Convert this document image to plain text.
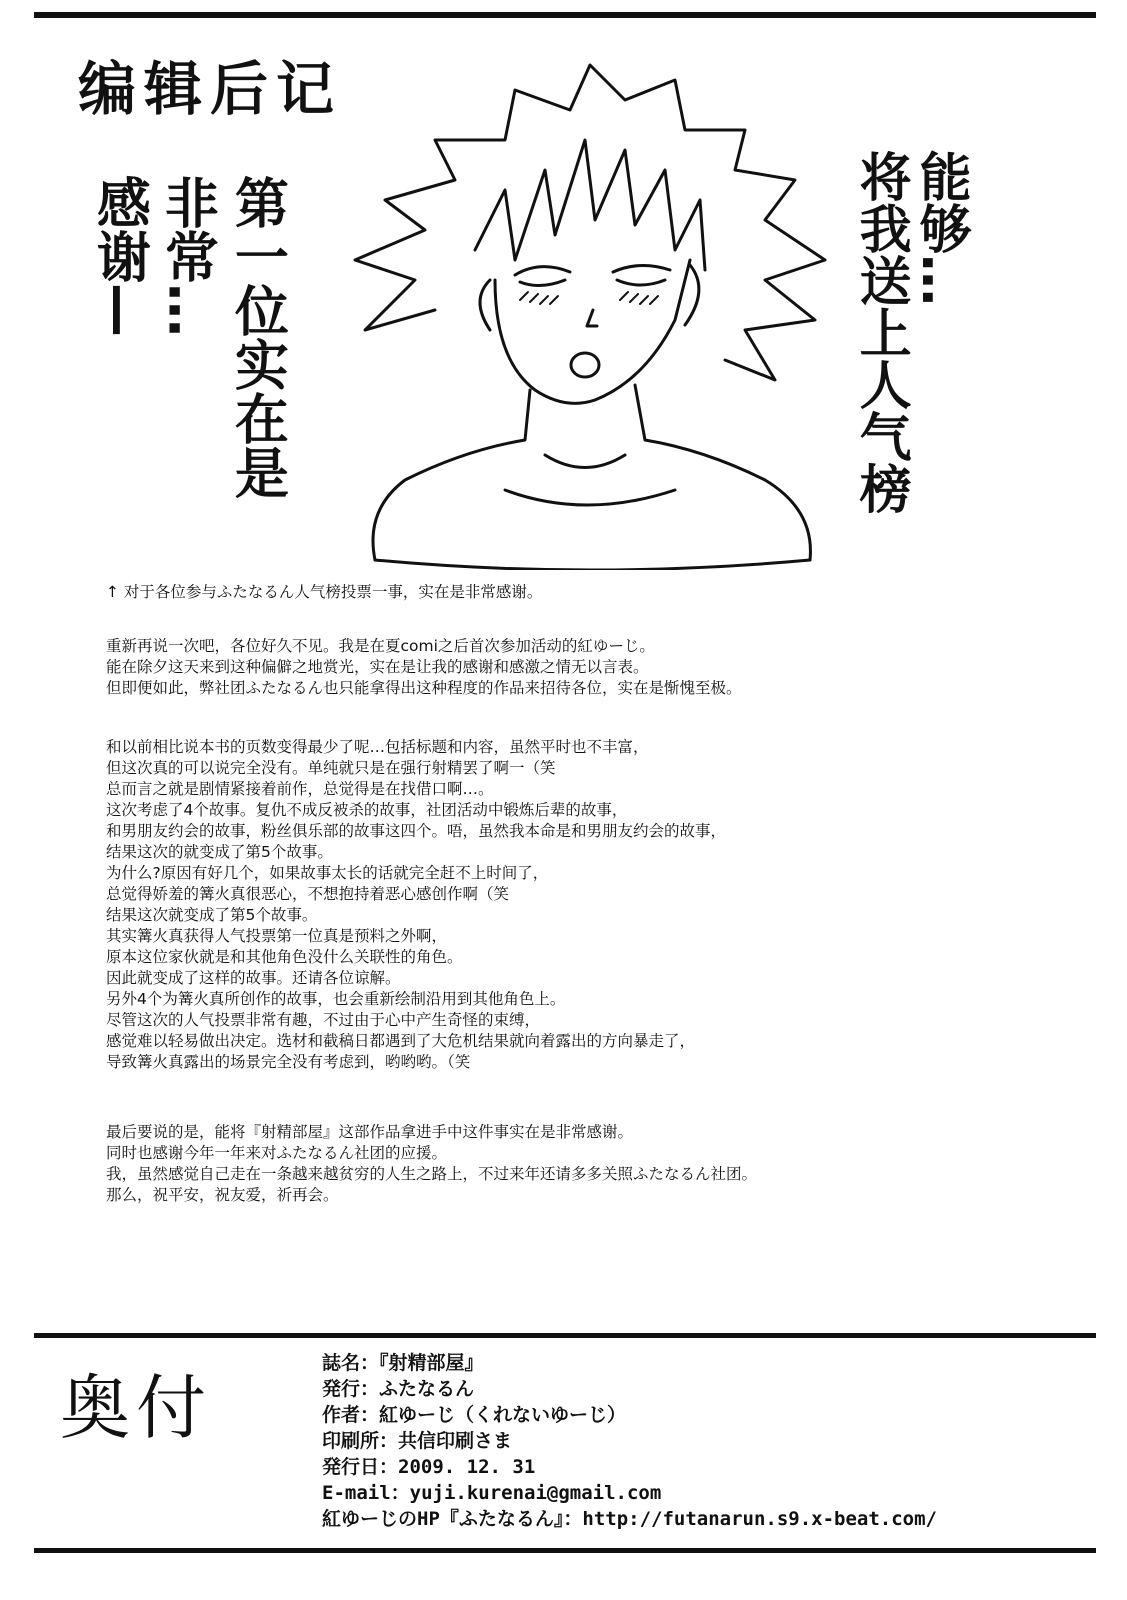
编辑后记
能够…
将我送上人气榜
第一位实在是
非常…
感谢—

↑ 对于各位参与ふたなるん人气榜投票一事，实在是非常感谢。

重新再说一次吧，各位好久不见。我是在夏comi之后首次参加活动的紅ゆーじ。

能在除夕这天来到这种偏僻之地赏光，实在是让我的感谢和感激之情无以言表。

但即便如此，弊社团ふたなるん也只能拿得出这种程度的作品来招待各位，实在是惭愧至极。

和以前相比说本书的页数变得最少了呢…包括标题和内容，虽然平时也不丰富，

但这次真的可以说完全没有。单纯就只是在强行射精罢了啊一（笑

总而言之就是剧情紧接着前作，总觉得是在找借口啊…。

这次考虑了4个故事。复仇不成反被杀的故事，社团活动中锻炼后辈的故事，

和男朋友约会的故事，粉丝俱乐部的故事这四个。唔，虽然我本命是和男朋友约会的故事，

结果这次的就变成了第5个故事。

为什么?原因有好几个，如果故事太长的话就完全赶不上时间了，

总觉得娇羞的篝火真很恶心，不想抱持着恶心感创作啊（笑

结果这次就变成了第5个故事。

其实篝火真获得人气投票第一位真是预料之外啊，

原本这位家伙就是和其他角色没什么关联性的角色。

因此就变成了这样的故事。还请各位谅解。

另外4个为篝火真所创作的故事，也会重新绘制沿用到其他角色上。

尽管这次的人气投票非常有趣，不过由于心中产生奇怪的束缚，

感觉难以轻易做出决定。选材和截稿日都遇到了大危机结果就向着露出的方向暴走了，

导致篝火真露出的场景完全没有考虑到，哟哟哟。（笑

最后要说的是，能将『射精部屋』这部作品拿进手中这件事实在是非常感谢。

同时也感谢今年一年来对ふたなるん社团的应援。

我，虽然感觉自己走在一条越来越贫穷的人生之路上，不过来年还请多多关照ふたなるん社团。

那么，祝平安，祝友爱，祈再会。

奥付
誌名：『射精部屋』
発行：ふたなるん
作者：紅ゆーじ（くれないゆーじ）
印刷所：共信印刷さま
発行日：2009. 12. 31
E-mail：yuji.kurenai@gmail.com
紅ゆーじのHP『ふたなるん』：http://futanarun.s9.x-beat.com/
